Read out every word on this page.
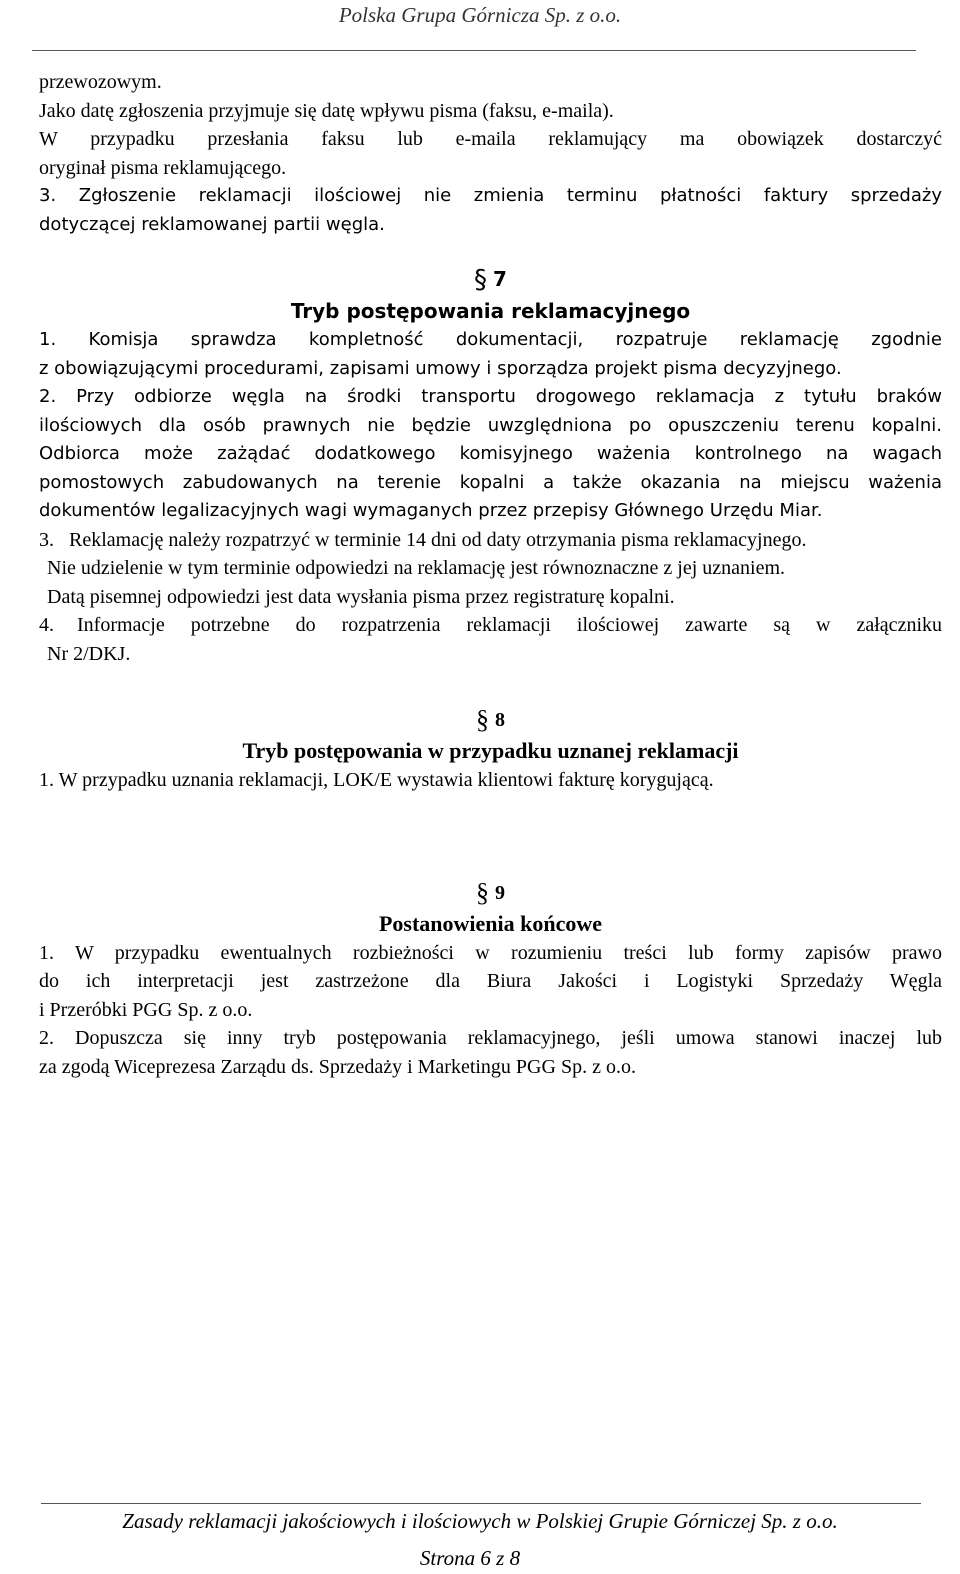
Polska Grupa Górnicza Sp. z o.o.
przewozowym.
Jako datę zgłoszenia przyjmuje się datę wpływu pisma (faksu, e-maila).
W przypadku przesłania faksu lub e-maila reklamujący ma obowiązek dostarczyć
oryginał pisma reklamującego.
3. Zgłoszenie reklamacji ilościowej nie zmienia terminu płatności faktury sprzedaży
dotyczącej reklamowanej partii węgla.
§ 7
Tryb postępowania reklamacyjnego
1. Komisja sprawdza kompletność dokumentacji, rozpatruje reklamację zgodnie
z obowiązującymi procedurami, zapisami umowy i sporządza projekt pisma decyzyjnego.
2. Przy odbiorze węgla na środki transportu drogowego reklamacja z tytułu braków
ilościowych dla osób prawnych nie będzie uwzględniona po opuszczeniu terenu kopalni.
Odbiorca może zażądać dodatkowego komisyjnego ważenia kontrolnego na wagach
pomostowych zabudowanych na terenie kopalni a także okazania na miejscu ważenia
dokumentów legalizacyjnych wagi wymaganych przez przepisy Głównego Urzędu Miar.
3. Reklamację należy rozpatrzyć w terminie 14 dni od daty otrzymania pisma reklamacyjnego.
Nie udzielenie w tym terminie odpowiedzi na reklamację jest równoznaczne z jej uznaniem.
Datą pisemnej odpowiedzi jest data wysłania pisma przez registraturę kopalni.
4.	Informacje potrzebne do rozpatrzenia reklamacji ilościowej zawarte są w załączniku
Nr 2/DKJ.
§ 8
Tryb postępowania w przypadku uznanej reklamacji
1. W przypadku uznania reklamacji, LOK/E wystawia klientowi fakturę korygującą.
§ 9
Postanowienia końcowe
1. W przypadku ewentualnych rozbieżności w rozumieniu treści lub formy zapisów prawo
do ich interpretacji jest zastrzeżone dla Biura Jakości i Logistyki Sprzedaży Węgla
i Przeróbki PGG Sp. z o.o.
2. Dopuszcza się inny tryb postępowania reklamacyjnego, jeśli umowa stanowi inaczej lub
za zgodą Wiceprezesa Zarządu ds. Sprzedaży i Marketingu PGG Sp. z o.o.
Zasady reklamacji jakościowych i ilościowych w Polskiej Grupie Górniczej Sp. z o.o.
Strona 6 z 8
